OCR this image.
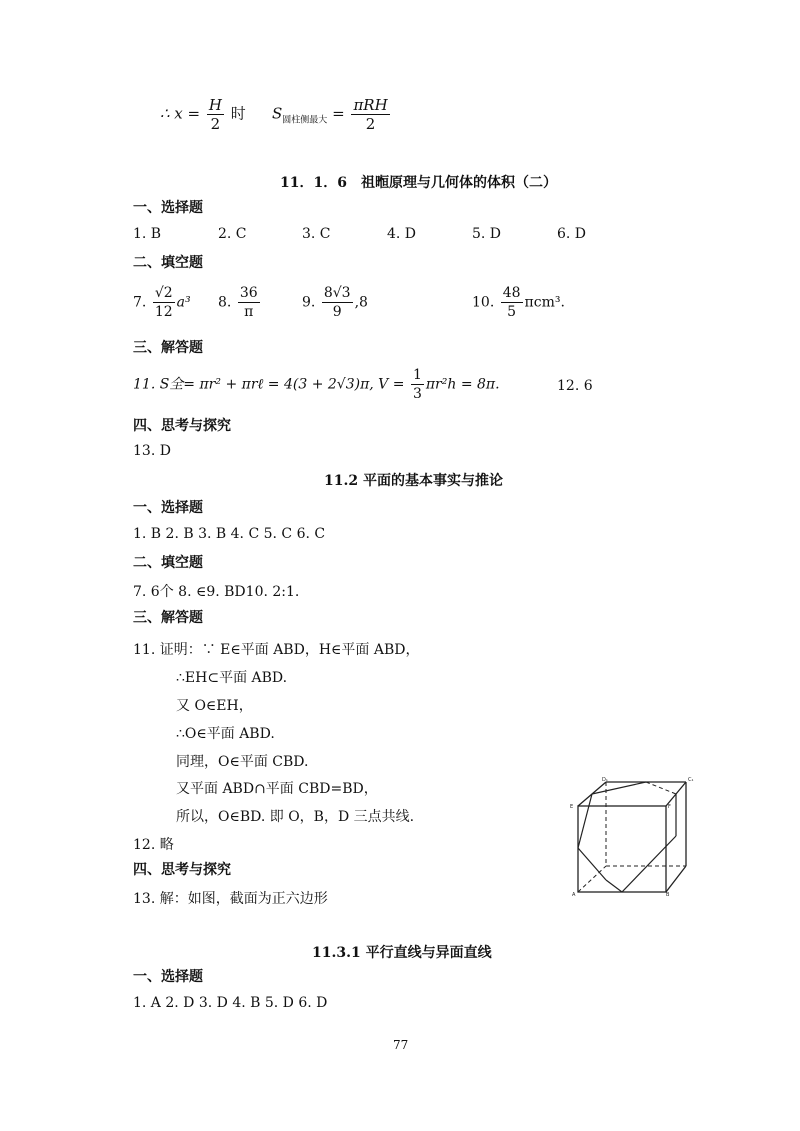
∴ $x = \frac{H}{2}$ 时 $S_{圆柱侧最大} = \frac{\text{πRH}}{2}$
11．1．6　祖暅原理与几何体的体积（二）
一、选择题
1. B	2. C	3. C	4. D	5. D	6. D
二、填空题
7. $\frac{√2}{12} a^3$ 8. $\frac{36}{\pi}$	9. $\frac{8√3}{9} ,8$	10. $\frac{48}{5} \pi cm^3$.
三、解答题
11. S全= πr² + πrℓ = 4(3 + 2√3)π, $V = \frac{1}{3} \pi r^2h = 8\pi$.	12. 6
四、思考与探究
13. D
11.2 平面的基本事实与推论
一、选择题
1. B 2. B 3. B 4. C 5. C 6. C
二、填空题
7. 6个 8. ∈9. BD10. 2:1.
三、解答题
11. 证明：∵ E∈平面 ABD，H∈平面 ABD，
∴EH⊂平面 ABD.
又 O∈EH，
∴O∈平面 ABD.
同理，O∈平面 CBD.
又平面 ABD∩平面 CBD=BD，
所以，O∈BD. 即 O，B，D 三点共线.
12. 略
四、思考与探究
13. 解：如图，截面为正六边形
D₁	C₁
A	B
E	F
11.3.1 平行直线与异面直线
一、选择题
1. A 2. D 3. D 4. B 5. D 6. D
77
